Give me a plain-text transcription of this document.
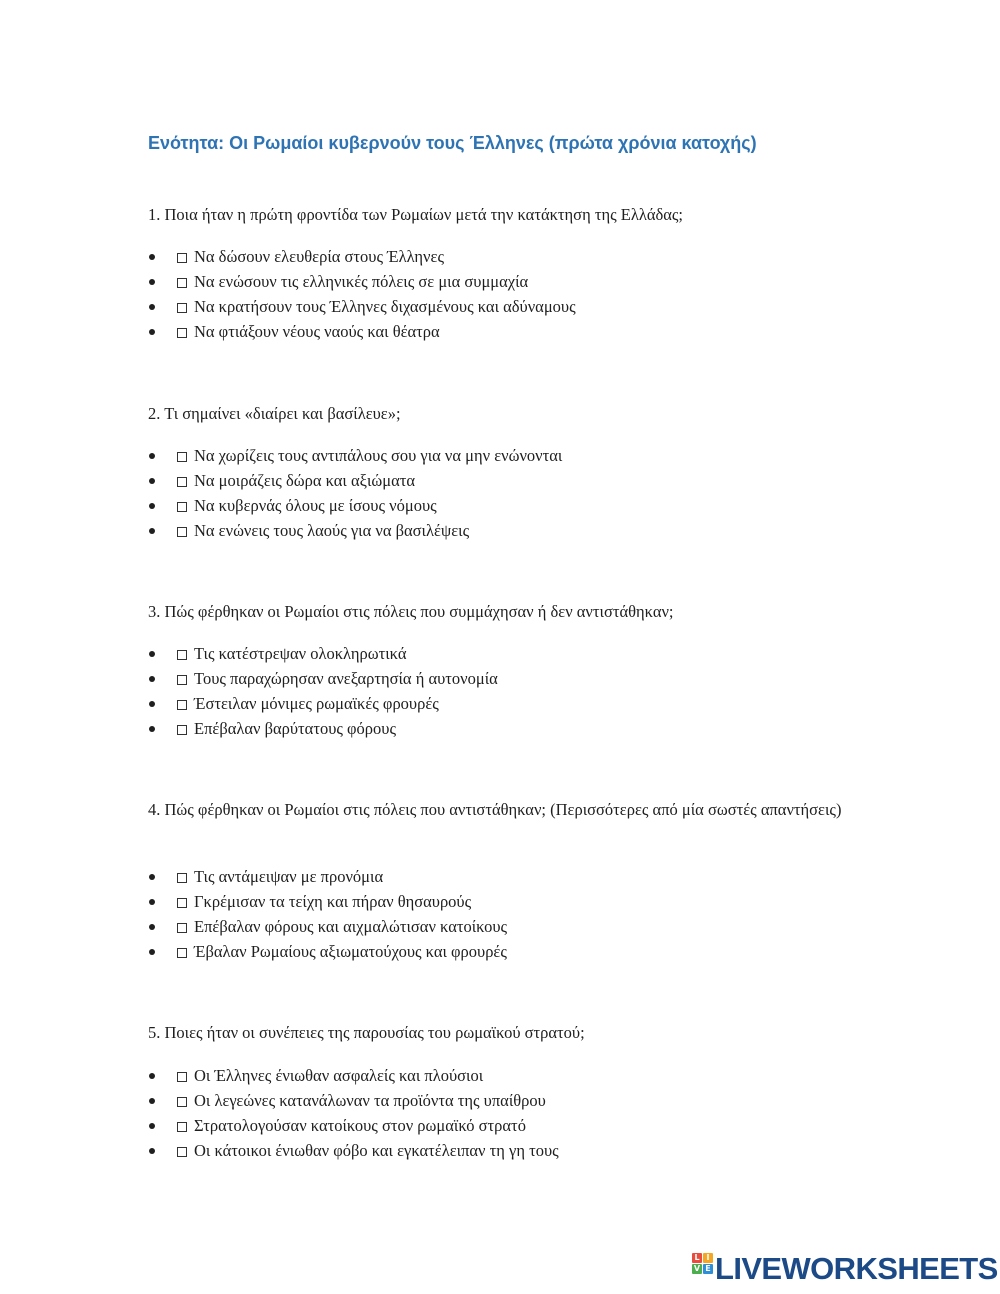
Ενότητα: Οι Ρωμαίοι κυβερνούν τους Έλληνες (πρώτα χρόνια κατοχής)

1. Ποια ήταν η πρώτη φροντίδα των Ρωμαίων μετά την κατάκτηση της Ελλάδας;

Να δώσουν ελευθερία στους Έλληνες
Να ενώσουν τις ελληνικές πόλεις σε μια συμμαχία
Να κρατήσουν τους Έλληνες διχασμένους και αδύναμους
Να φτιάξουν νέους ναούς και θέατρα

2. Τι σημαίνει «διαίρει και βασίλευε»;

Να χωρίζεις τους αντιπάλους σου για να μην ενώνονται
Να μοιράζεις δώρα και αξιώματα
Να κυβερνάς όλους με ίσους νόμους
Να ενώνεις τους λαούς για να βασιλέψεις

3. Πώς φέρθηκαν οι Ρωμαίοι στις πόλεις που συμμάχησαν ή δεν αντιστάθηκαν;

Τις κατέστρεψαν ολοκληρωτικά
Τους παραχώρησαν ανεξαρτησία ή αυτονομία
Έστειλαν μόνιμες ρωμαϊκές φρουρές
Επέβαλαν βαρύτατους φόρους

4. Πώς φέρθηκαν οι Ρωμαίοι στις πόλεις που αντιστάθηκαν; (Περισσότερες από μία σωστές απαντήσεις)

Τις αντάμειψαν με προνόμια
Γκρέμισαν τα τείχη και πήραν θησαυρούς
Επέβαλαν φόρους και αιχμαλώτισαν κατοίκους
Έβαλαν Ρωμαίους αξιωματούχους και φρουρές

5. Ποιες ήταν οι συνέπειες της παρουσίας του ρωμαϊκού στρατού;

Οι Έλληνες ένιωθαν ασφαλείς και πλούσιοι
Οι λεγεώνες κατανάλωναν τα προϊόντα της υπαίθρου
Στρατολογούσαν κατοίκους στον ρωμαϊκό στρατό
Οι κάτοικοι ένιωθαν φόβο και εγκατέλειπαν τη γη τους
L I
V E LIVEWORKSHEETS
